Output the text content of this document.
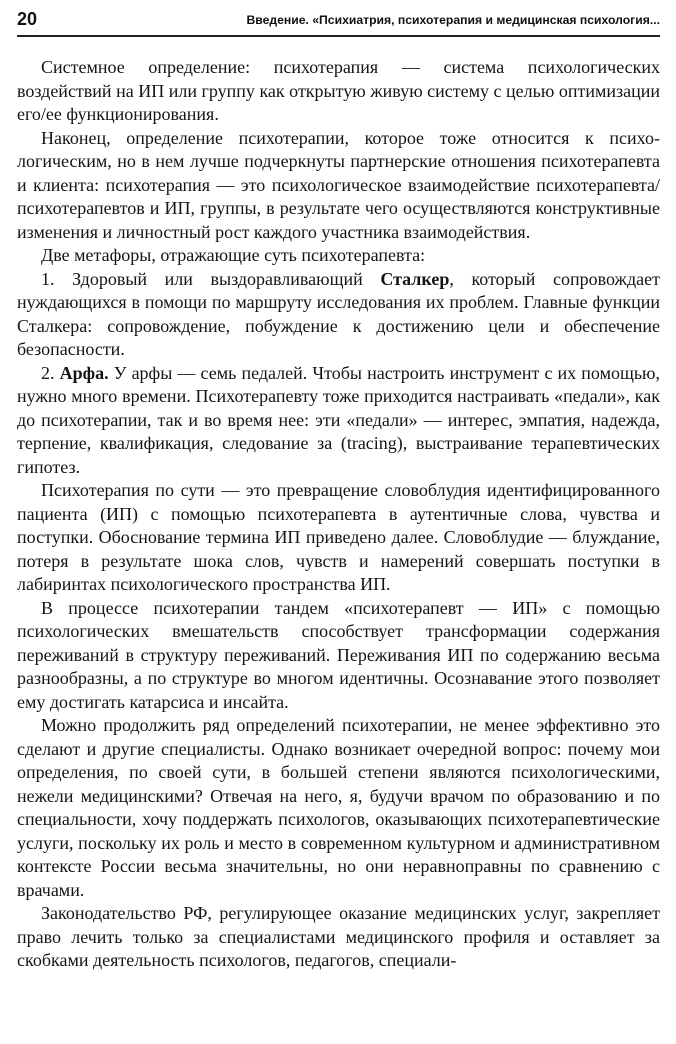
20	Введение. «Психиатрия, психотерапия и медицинская психология...

Системное определение: психотерапия — система психологических воздействий на ИП или группу как открытую живую систему с целью оптимизации его/ее функционирования.

Наконец, определение психотерапии, которое тоже относится к психологическим, но в нем лучше подчеркнуты партнерские отношения психотерапевта и клиента: психотерапия — это психологическое взаимодействие психотерапевта/психотерапевтов и ИП, группы, в результате чего осуществляются конструктивные изменения и личностный рост каждого участника взаимодействия.

Две метафоры, отражающие суть психотерапевта:

1. Здоровый или выздоравливающий Сталкер, который сопровождает нуждающихся в помощи по маршруту исследования их проблем. Главные функции Сталкера: сопровождение, побуждение к достижению цели и обеспечение безопасности.

2. Арфа. У арфы — семь педалей. Чтобы настроить инструмент с их помощью, нужно много времени. Психотерапевту тоже приходится настраивать «педали», как до психотерапии, так и во время нее: эти «педали» — интерес, эмпатия, надежда, терпение, квалификация, следование за (tracing), выстраивание терапевтических гипотез.

Психотерапия по сути — это превращение словоблудия идентифицированного пациента (ИП) с помощью психотерапевта в аутентичные слова, чувства и поступки. Обоснование термина ИП приведено далее. Словоблудие — блуждание, потеря в результате шока слов, чувств и намерений совершать поступки в лабиринтах психологического пространства ИП.

В процессе психотерапии тандем «психотерапевт — ИП» с помощью психологических вмешательств способствует трансформации содержания переживаний в структуру переживаний. Переживания ИП по содержанию весьма разнообразны, а по структуре во многом идентичны. Осознавание этого позволяет ему достигать катарсиса и инсайта.

Можно продолжить ряд определений психотерапии, не менее эффективно это сделают и другие специалисты. Однако возникает очередной вопрос: почему мои определения, по своей сути, в большей степени являются психологическими, нежели медицинскими? Отвечая на него, я, будучи врачом по образованию и по специальности, хочу поддержать психологов, оказывающих психотерапевтические услуги, поскольку их роль и место в современном культурном и административном контексте России весьма значительны, но они неравноправны по сравнению с врачами.

Законодательство РФ, регулирующее оказание медицинских услуг, закрепляет право лечить только за специалистами медицинского профиля и оставляет за скобками деятельность психологов, педагогов, специали-
